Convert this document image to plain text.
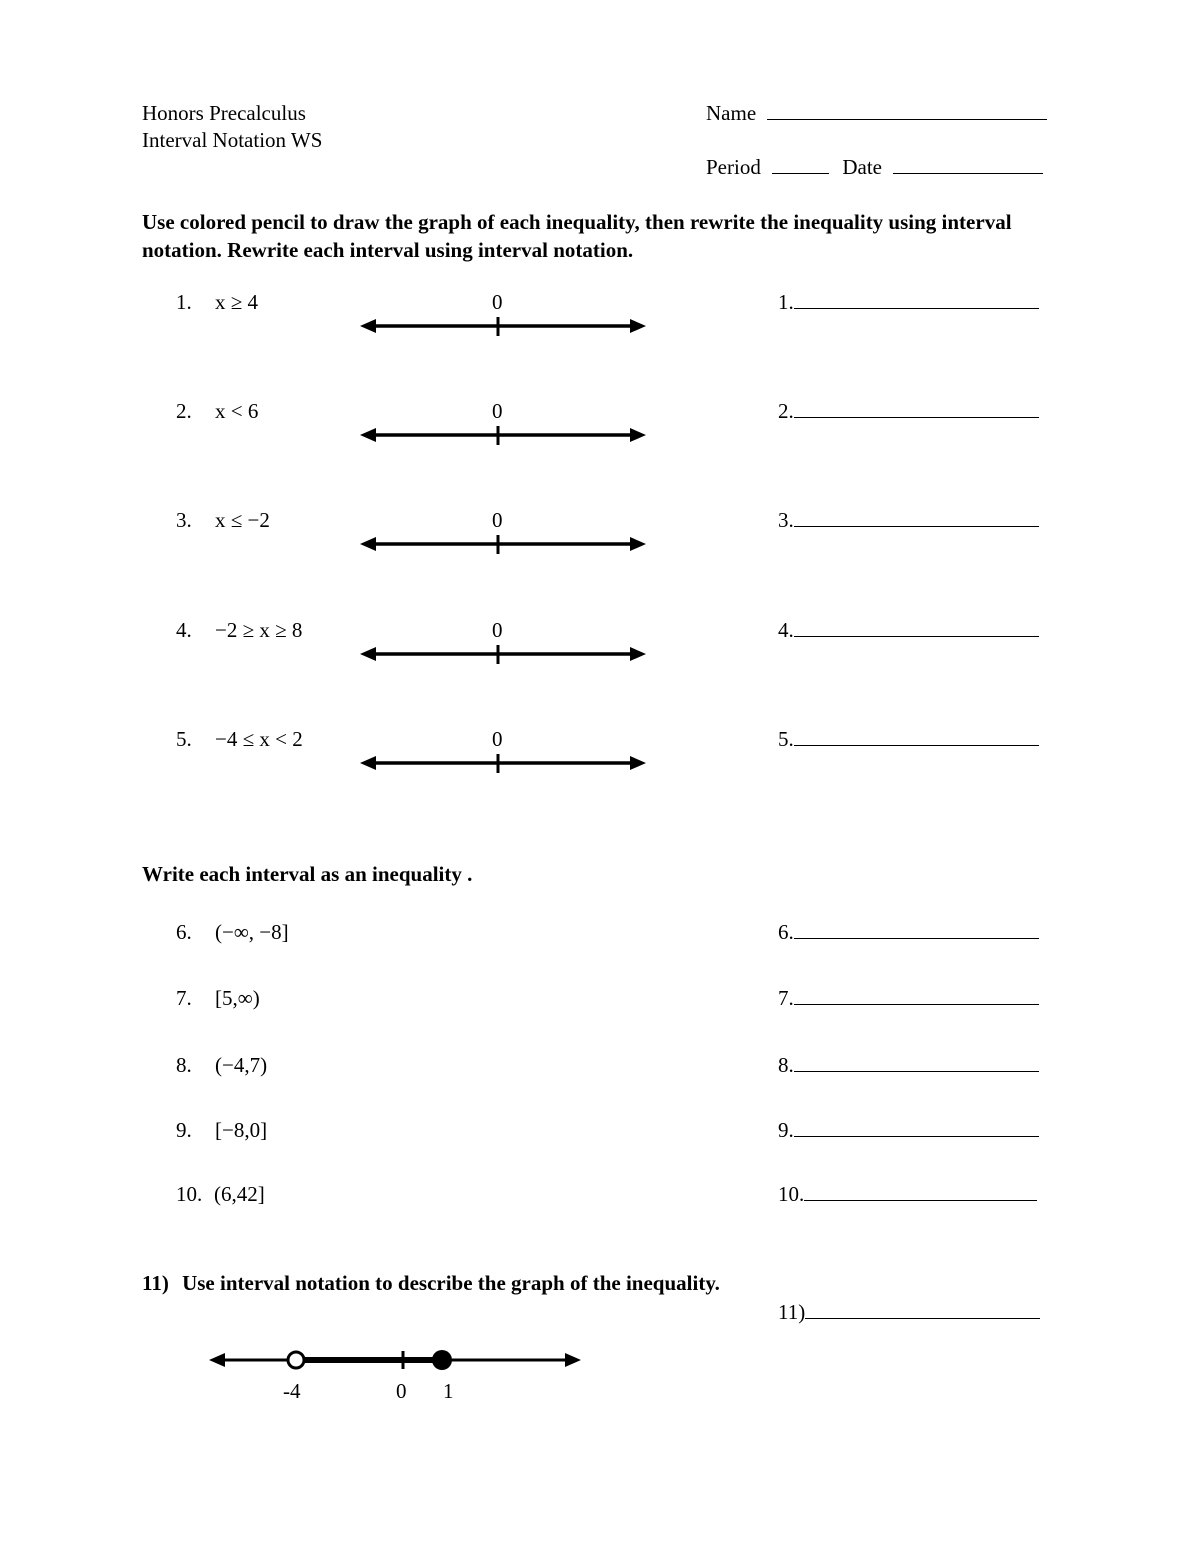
Honors Precalculus
Interval Notation WS
Name
Period	Date
Use colored pencil to draw the graph of each inequality, then rewrite the inequality using interval notation. Rewrite each interval using interval notation.
1. x ≥ 4	0	1.
2. x < 6	0	2.
3. x ≤ −2	0	3.
4. −2 ≥ x ≥ 8	0	4.
5. −4 ≤ x < 2	0	5.
Write each interval as an inequality .
6. (−∞, −8]	6.
7. [5,∞)	7.
8. (−4,7)	8.
9. [−8,0]	9.
10. (6,42]	10.
11) Use interval notation to describe the graph of the inequality.
11)
-4	0 1
